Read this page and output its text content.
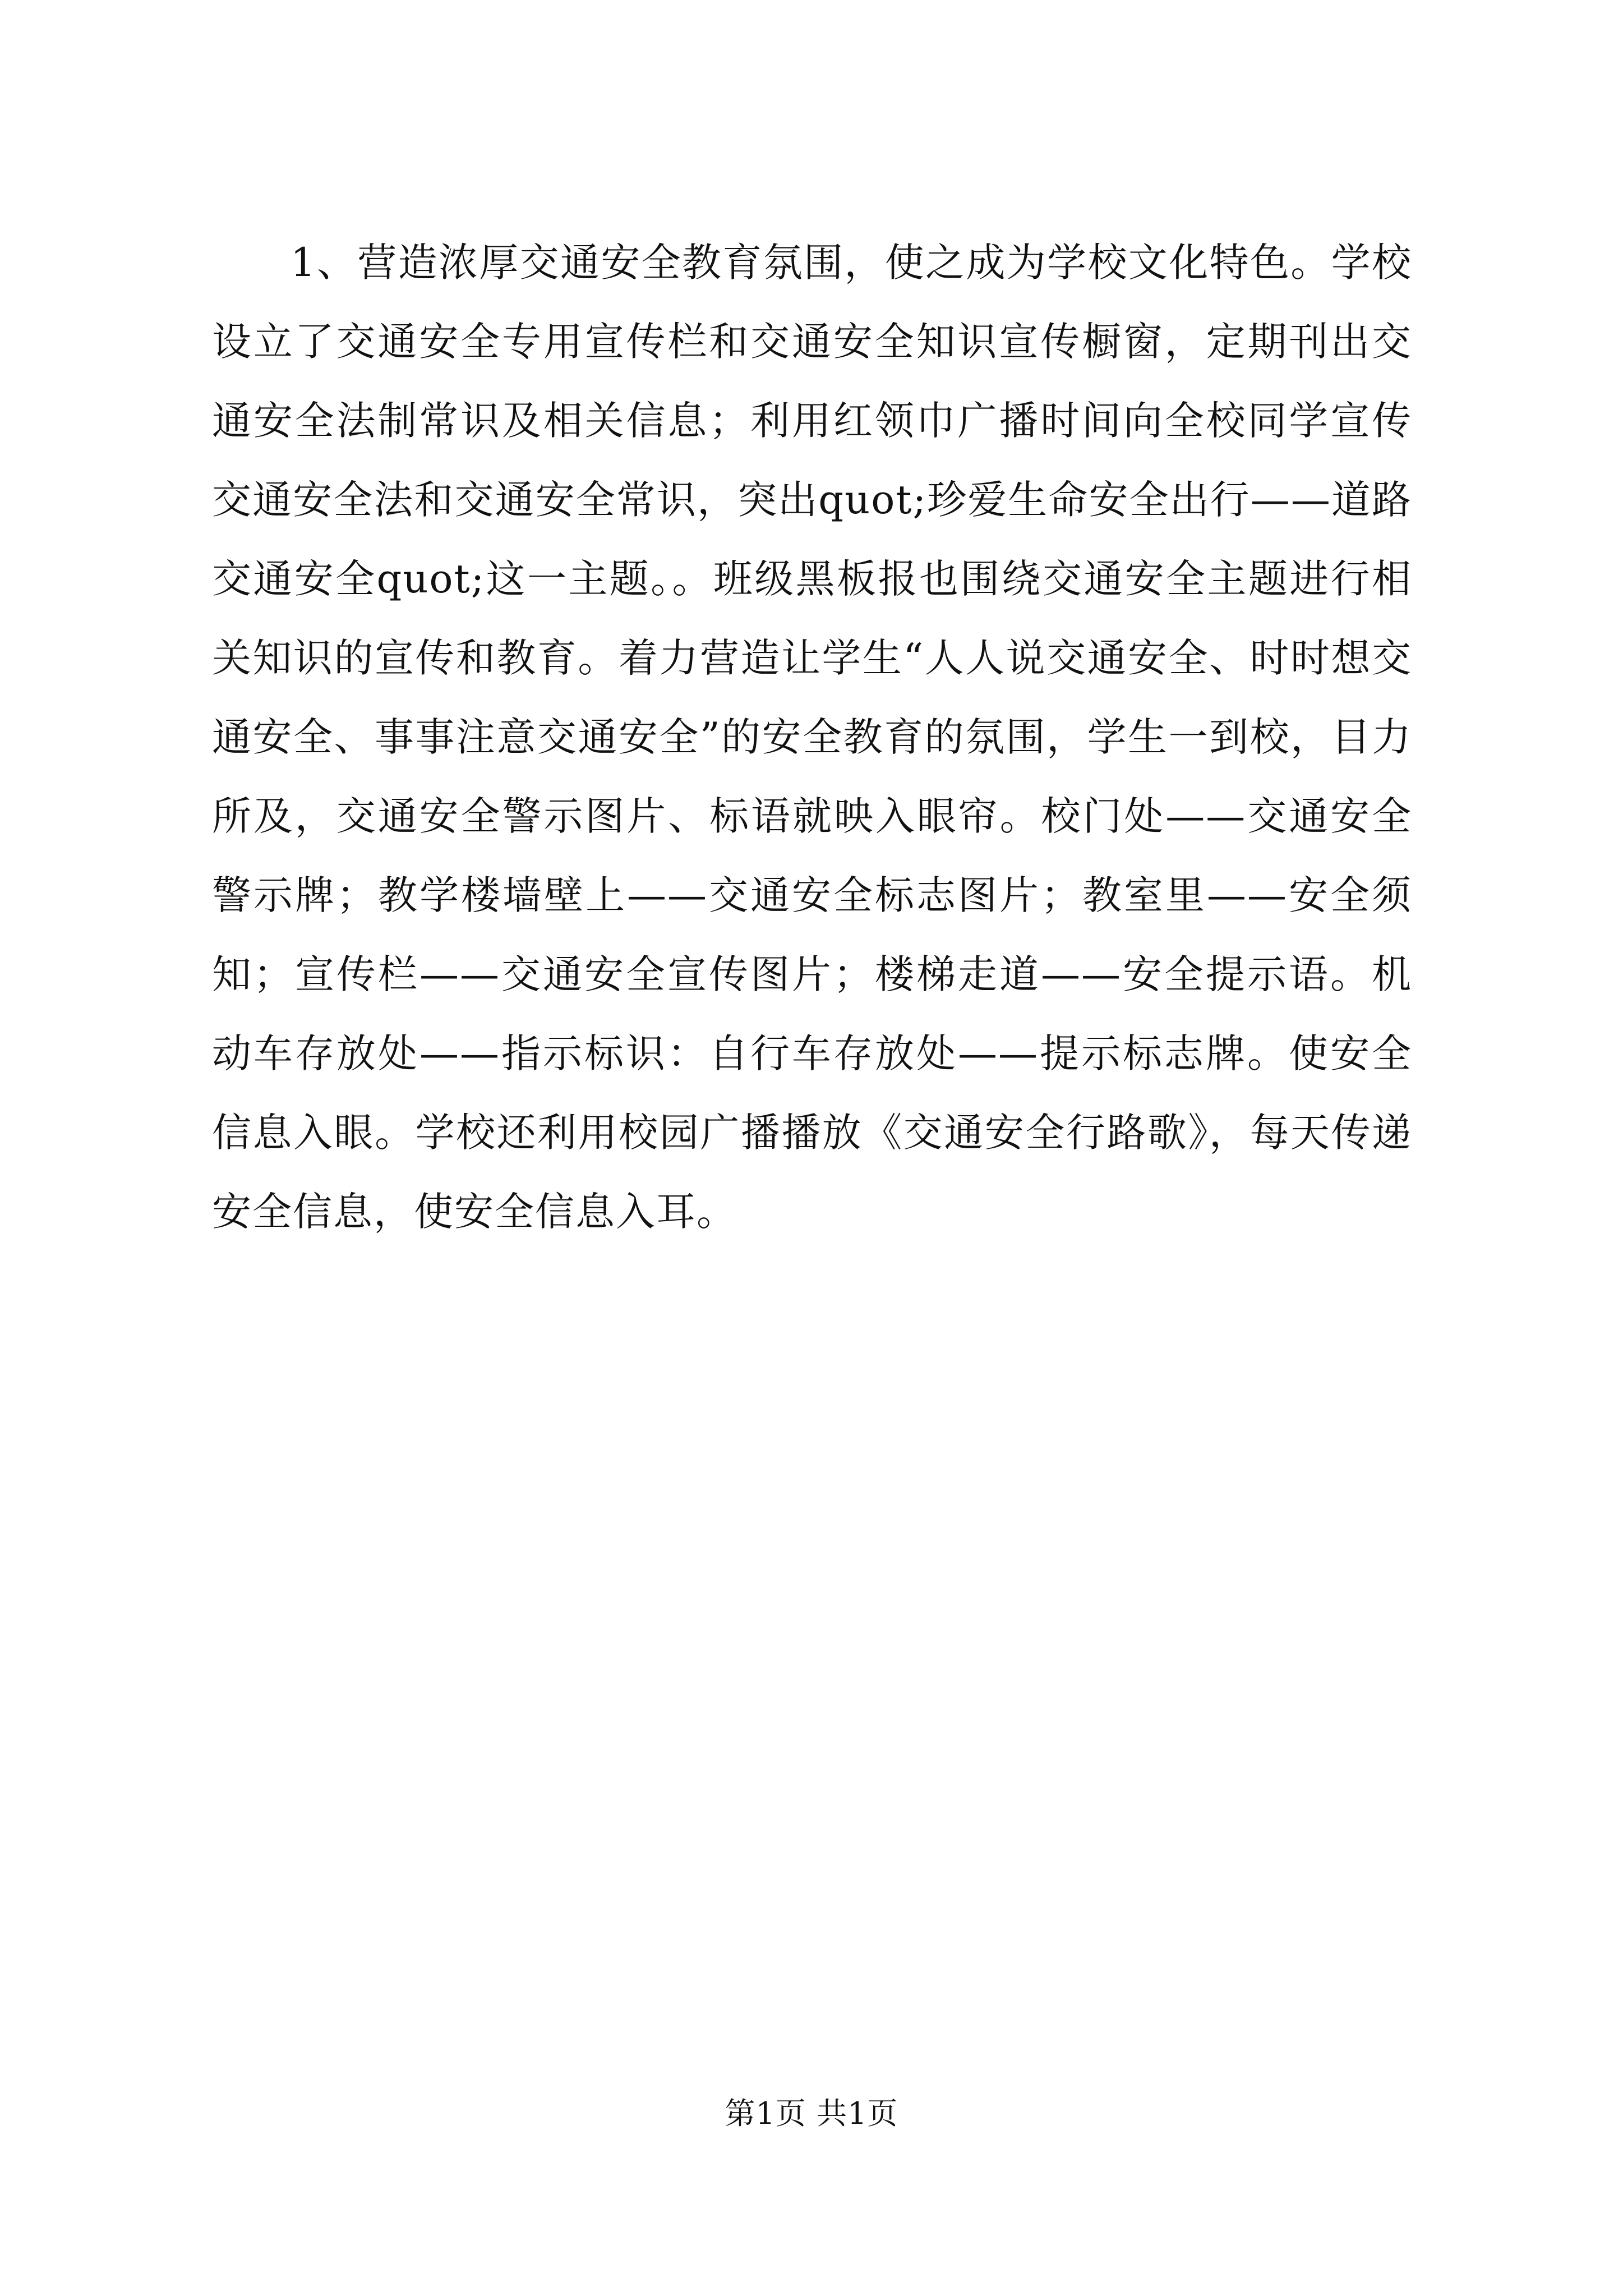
1、营造浓厚交通安全教育氛围，使之成为学校文化特色。学校设立了交通安全专用宣传栏和交通安全知识宣传橱窗，定期刊出交通安全法制常识及相关信息；利用红领巾广播时间向全校同学宣传交通安全法和交通安全常识，突出quot;珍爱生命安全出行——道路交通安全quot;这一主题。。班级黑板报也围绕交通安全主题进行相关知识的宣传和教育。着力营造让学生“人人说交通安全、时时想交通安全、事事注意交通安全”的安全教育的氛围，学生一到校，目力所及，交通安全警示图片、标语就映入眼帘。校门处——交通安全警示牌；教学楼墙壁上——交通安全标志图片；教室里——安全须知；宣传栏——交通安全宣传图片；楼梯走道——安全提示语。机动车存放处——指示标识：自行车存放处——提示标志牌。使安全信息入眼。学校还利用校园广播播放《交通安全行路歌》，每天传递安全信息，使安全信息入耳。

第1页 共1页
